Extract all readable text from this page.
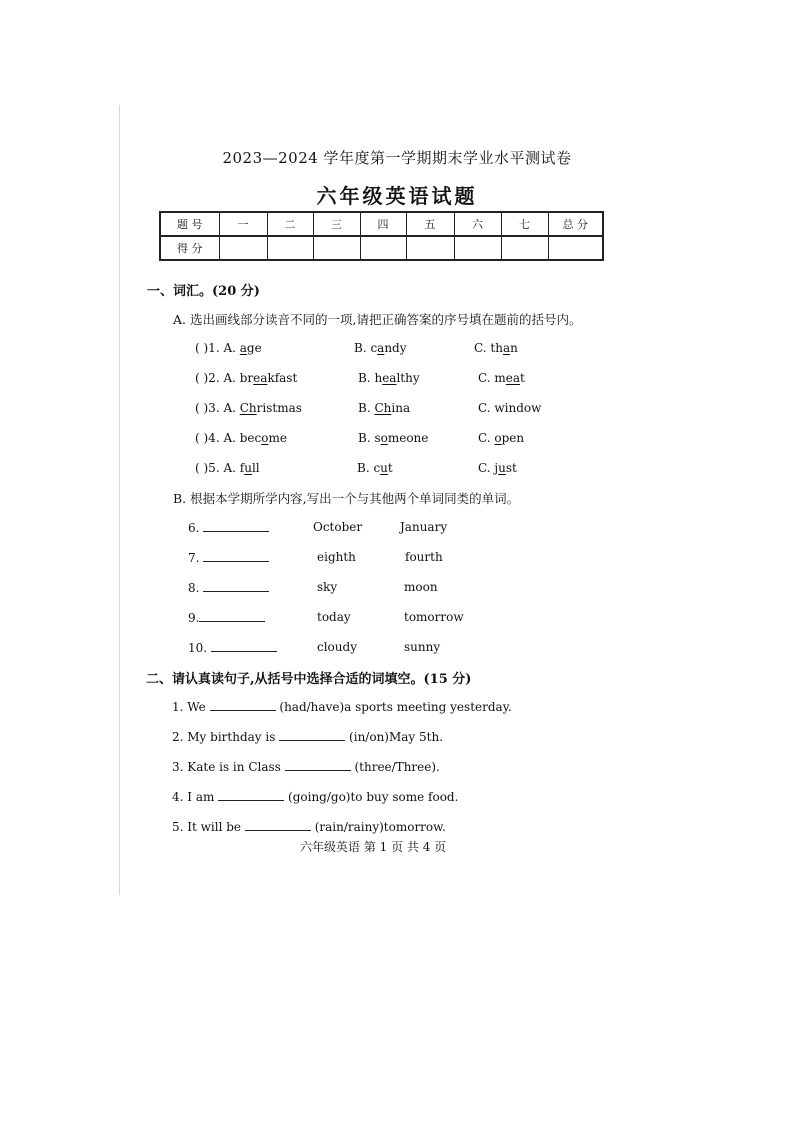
2023—2024 学年度第一学期期末学业水平测试卷
六年级英语试题
题 号	一	二	三	四	五	六	七	总 分
得 分								
一、词汇。(20 分)
A. 选出画线部分读音不同的一项,请把正确答案的序号填在题前的括号内。
( )1. A. age	B. candy	C. than
( )2. A. breakfast	B. healthy	C. meat
( )3. A. Christmas	B. China	C. window
( )4. A. become	B. someone	C. open
( )5. A. full	B. cut	C. just
B. 根据本学期所学内容,写出一个与其他两个单词同类的单词。
6.	October	January
7.	eighth	fourth
8.	sky	moon
9.	today	tomorrow
10.	cloudy	sunny
二、请认真读句子,从括号中选择合适的词填空。(15 分)
1. We	(had/have)a sports meeting yesterday.
2. My birthday is	(in/on)May 5th.
3. Kate is in Class	(three/Three).
4. I am	(going/go)to buy some food.
5. It will be	(rain/rainy)tomorrow.
六年级英语 第 1 页 共 4 页
